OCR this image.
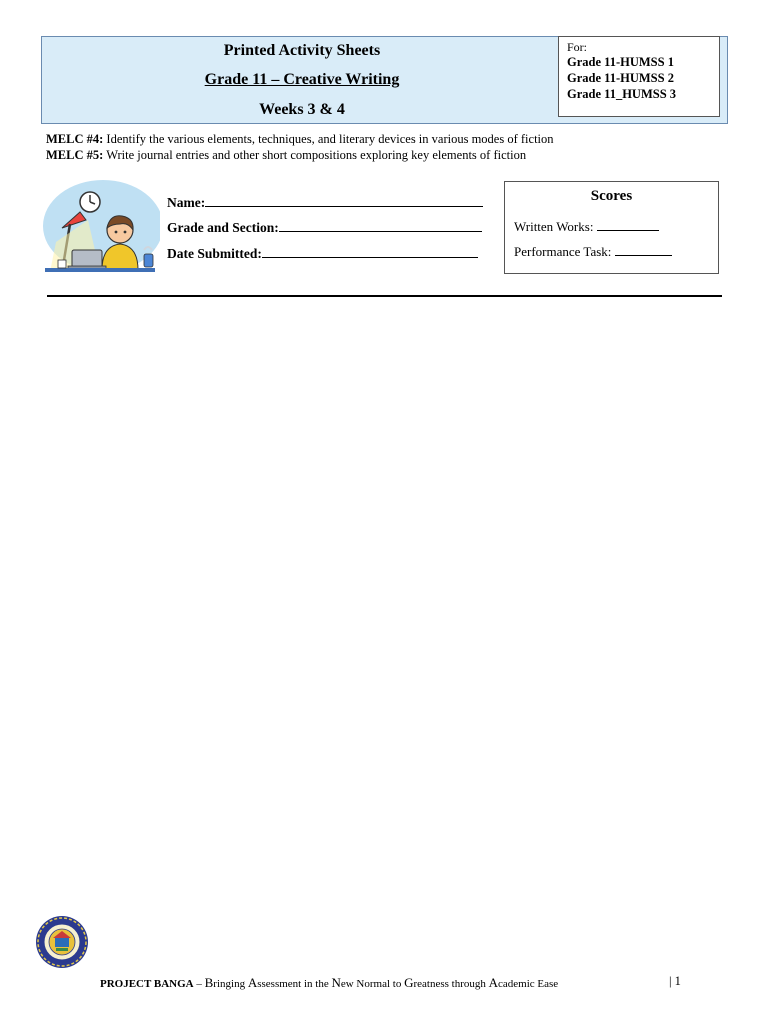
Printed Activity Sheets
Grade 11 – Creative Writing
Weeks 3 & 4
For:
Grade 11-HUMSS 1
Grade 11-HUMSS 2
Grade 11_HUMSS 3
MELC #4: Identify the various elements, techniques, and literary devices in various modes of fiction
MELC #5: Write journal entries and other short compositions exploring key elements of fiction
Name:
Grade and Section:
Date Submitted:
Scores
Written Works:
Performance Task:
PROJECT BANGA – Bringing Assessment in the New Normal to Greatness through Academic Ease	| 1
